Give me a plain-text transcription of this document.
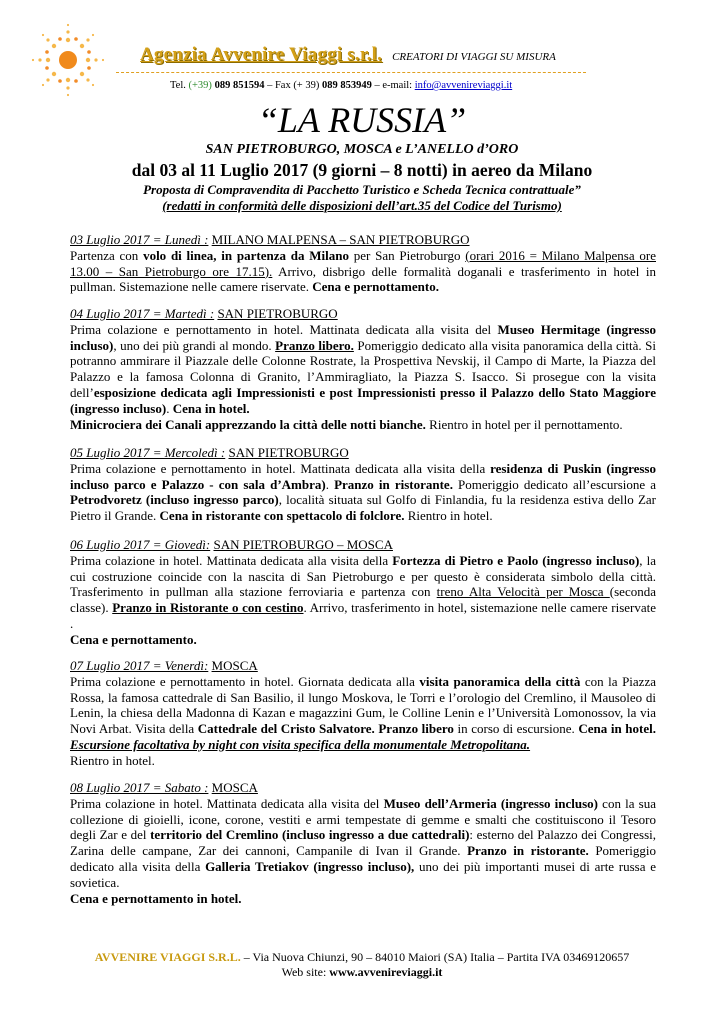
Agenzia Avvenire Viaggi s.r.l. CREATORI DI VIAGGI SU MISURA
Tel. (+39) 089 851594 – Fax (+ 39) 089 853949 – e-mail: info@avvenireviaggi.it
“LA RUSSIA”
SAN PIETROBURGO, MOSCA e L’ANELLO d’ORO
dal 03 al 11 Luglio 2017 (9 giorni – 8 notti) in aereo da Milano
Proposta di Compravendita di Pacchetto Turistico e Scheda Tecnica contrattuale”
(redatti in conformità delle disposizioni dell’art.35 del Codice del Turismo)
03 Luglio 2017 = Lunedì : MILANO MALPENSA – SAN PIETROBURGO

Partenza con volo di linea, in partenza da Milano per San Pietroburgo (orari 2016 = Milano Malpensa ore 13.00 – San Pietroburgo ore 17.15). Arrivo, disbrigo delle formalità doganali e trasferimento in hotel in pullman. Sistemazione nelle camere riservate. Cena e pernottamento.

04 Luglio 2017 = Martedì : SAN PIETROBURGO

Prima colazione e pernottamento in hotel. Mattinata dedicata alla visita del Museo Hermitage (ingresso incluso), uno dei più grandi al mondo. Pranzo libero. Pomeriggio dedicato alla visita panoramica della città. Si potranno ammirare il Piazzale delle Colonne Rostrate, la Prospettiva Nevskij, il Campo di Marte, la Piazza del Palazzo e la famosa Colonna di Granito, l’Ammiragliato, la Piazza S. Isacco. Si prosegue con la visita dell’esposizione dedicata agli Impressionisti e post Impressionisti presso il Palazzo dello Stato Maggiore (ingresso incluso). Cena in hotel.

Minicrociera dei Canali apprezzando la città delle notti bianche. Rientro in hotel per il pernottamento.

05 Luglio 2017 = Mercoledì : SAN PIETROBURGO

Prima colazione e pernottamento in hotel. Mattinata dedicata alla visita della residenza di Puskin (ingresso incluso parco e Palazzo - con sala d’Ambra). Pranzo in ristorante. Pomeriggio dedicato all’escursione a Petrodvoretz (incluso ingresso parco), località situata sul Golfo di Finlandia, fu la residenza estiva dello Zar Pietro il Grande. Cena in ristorante con spettacolo di folclore. Rientro in hotel.

06 Luglio 2017 = Giovedì: SAN PIETROBURGO – MOSCA

Prima colazione in hotel. Mattinata dedicata alla visita della Fortezza di Pietro e Paolo (ingresso incluso), la cui costruzione coincide con la nascita di San Pietroburgo e per questo è considerata simbolo della città. Trasferimento in pullman alla stazione ferroviaria e partenza con treno Alta Velocità per Mosca (seconda classe). Pranzo in Ristorante o con cestino. Arrivo, trasferimento in hotel, sistemazione nelle camere riservate .

Cena e pernottamento.

07 Luglio 2017 = Venerdì: MOSCA

Prima colazione e pernottamento in hotel. Giornata dedicata alla visita panoramica della città con la Piazza Rossa, la famosa cattedrale di San Basilio, il lungo Moskova, le Torri e l’orologio del Cremlino, il Mausoleo di Lenin, la chiesa della Madonna di Kazan e magazzini Gum, le Colline Lenin e l’Università Lomonossov, la via Novi Arbat. Visita della Cattedrale del Cristo Salvatore. Pranzo libero in corso di escursione. Cena in hotel. Escursione facoltativa by night con visita specifica della monumentale Metropolitana.

Rientro in hotel.

08 Luglio 2017 = Sabato : MOSCA

Prima colazione in hotel. Mattinata dedicata alla visita del Museo dell’Armeria (ingresso incluso) con la sua collezione di gioielli, icone, corone, vestiti e armi tempestate di gemme e smalti che costituiscono il Tesoro degli Zar e del territorio del Cremlino (incluso ingresso a due cattedrali): esterno del Palazzo dei Congressi, Zarina delle campane, Zar dei cannoni, Campanile di Ivan il Grande. Pranzo in ristorante. Pomeriggio dedicato alla visita della Galleria Tretiakov (ingresso incluso), uno dei più importanti musei di arte russa e sovietica.

Cena e pernottamento in hotel.

AVVENIRE VIAGGI S.R.L. – Via Nuova Chiunzi, 90 – 84010 Maiori (SA) Italia – Partita IVA 03469120657
Web site: www.avvenireviaggi.it
